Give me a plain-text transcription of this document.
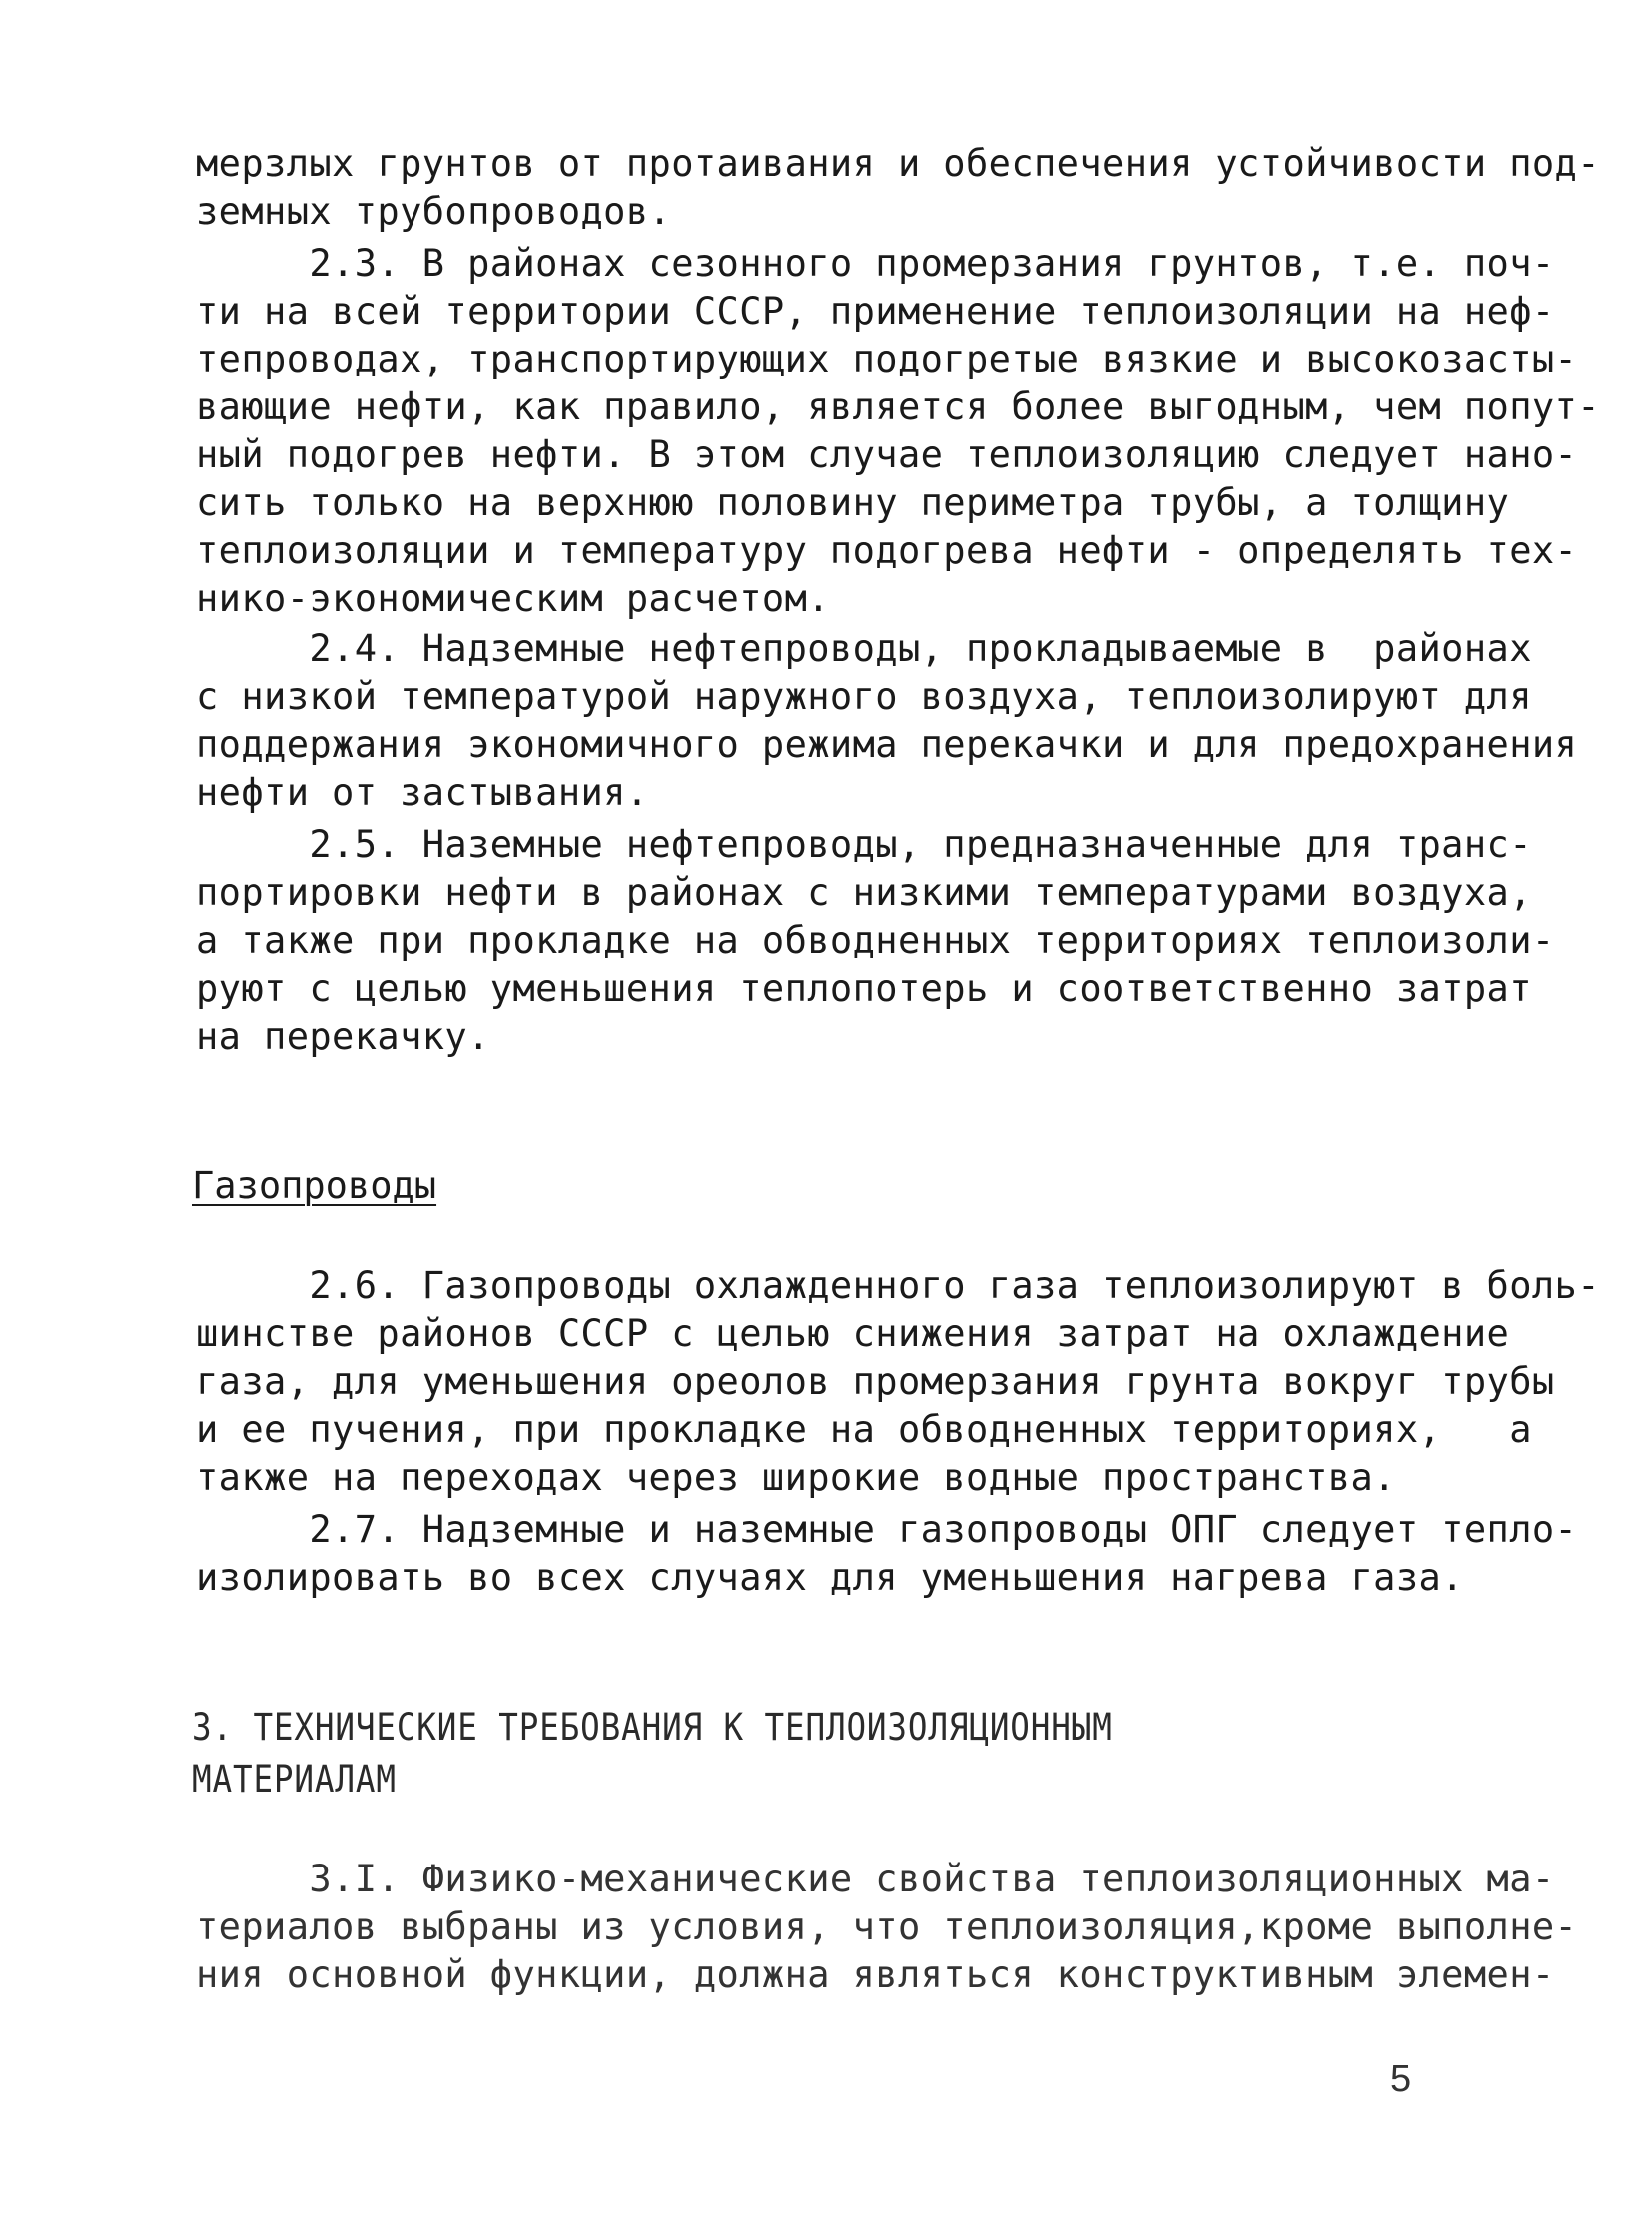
мерзлых грунтов от протаивания и обеспечения устойчивости под-
земных трубопроводов.
2.3. В районах сезонного промерзания грунтов, т.е. поч-
ти на всей территории СССР, применение теплоизоляции на неф-
тепроводах, транспортирующих подогретые вязкие и высокозасты-
вающие нефти, как правило, является более выгодным, чем попут-
ный подогрев нефти. В этом случае теплоизоляцию следует нано-
сить только на верхнюю половину периметра трубы, а толщину
теплоизоляции и температуру подогрева нефти - определять тех-
нико-экономическим расчетом.
2.4. Надземные нефтепроводы, прокладываемые в  районах
с низкой температурой наружного воздуха, теплоизолируют для
поддержания экономичного режима перекачки и для предохранения
нефти от застывания.
2.5. Наземные нефтепроводы, предназначенные для транс-
портировки нефти в районах с низкими температурами воздуха,
а также при прокладке на обводненных территориях теплоизоли-
руют с целью уменьшения теплопотерь и соответственно затрат
на перекачку.
Газопроводы
2.6. Газопроводы охлажденного газа теплоизолируют в боль-
шинстве районов СССР с целью снижения затрат на охлаждение
газа, для уменьшения ореолов промерзания грунта вокруг трубы
и ее пучения, при прокладке на обводненных территориях,   а
также на переходах через широкие водные пространства.
2.7. Надземные и наземные газопроводы ОПГ следует тепло-
изолировать во всех случаях для уменьшения нагрева газа.
3. ТЕХНИЧЕСКИЕ ТРЕБОВАНИЯ К ТЕПЛОИЗОЛЯЦИОННЫМ
МАТЕРИАЛАМ
3.I. Физико-механические свойства теплоизоляционных ма-
териалов выбраны из условия, что теплоизоляция,кроме выполне-
ния основной функции, должна являться конструктивным элемен-
5
